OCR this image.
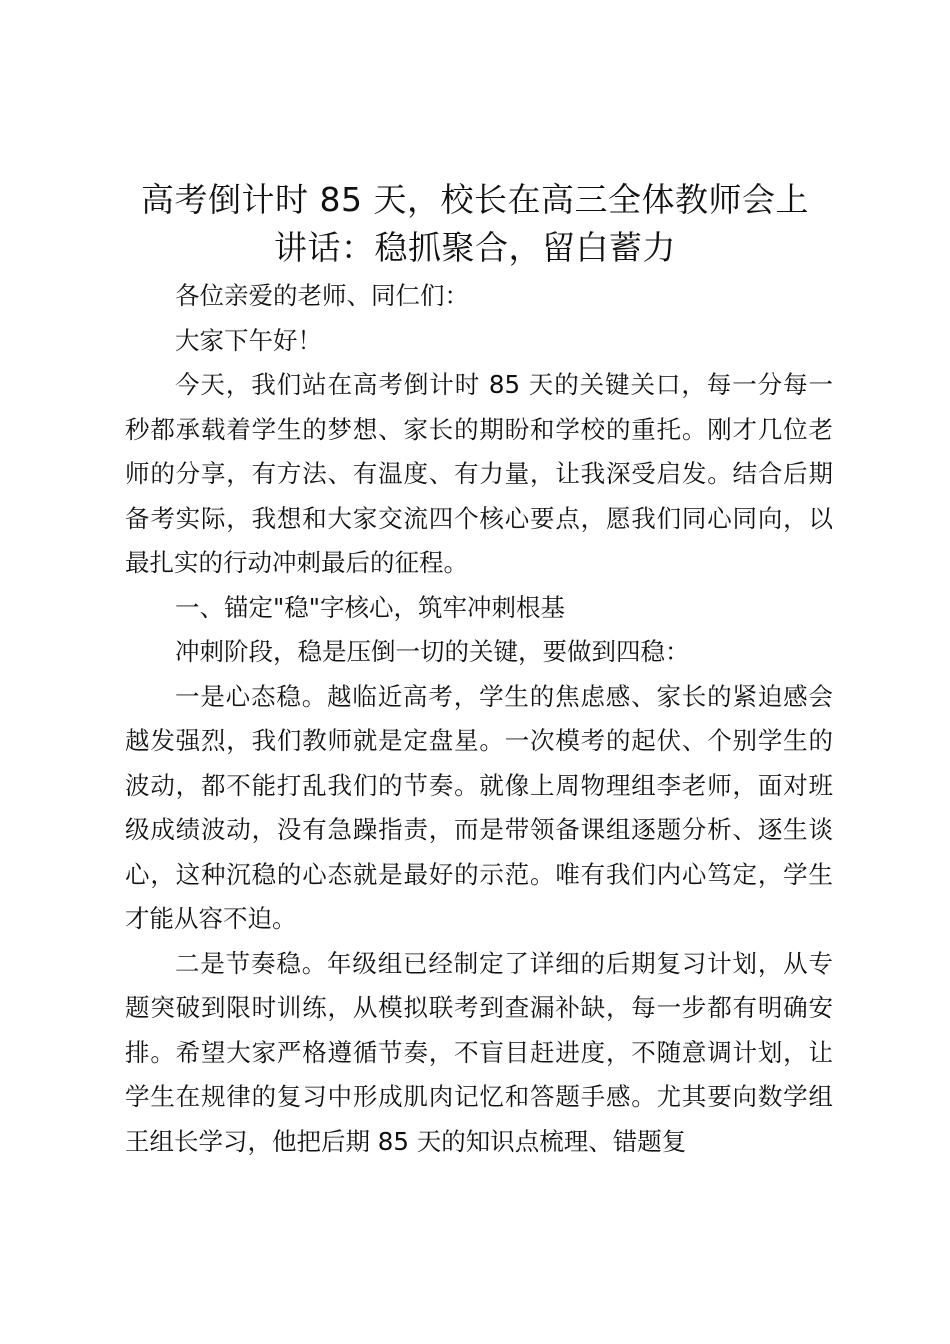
高考倒计时 85 天，校长在高三全体教师会上讲话：稳抓聚合，留白蓄力

各位亲爱的老师、同仁们：

大家下午好！

今天，我们站在高考倒计时 85 天的关键关口，每一分每一秒都承载着学生的梦想、家长的期盼和学校的重托。刚才几位老师的分享，有方法、有温度、有力量，让我深受启发。结合后期备考实际，我想和大家交流四个核心要点，愿我们同心同向，以最扎实的行动冲刺最后的征程。

一、锚定"稳"字核心，筑牢冲刺根基

冲刺阶段，稳是压倒一切的关键，要做到四稳：

一是心态稳。越临近高考，学生的焦虑感、家长的紧迫感会越发强烈，我们教师就是定盘星。一次模考的起伏、个别学生的波动，都不能打乱我们的节奏。就像上周物理组李老师，面对班级成绩波动，没有急躁指责，而是带领备课组逐题分析、逐生谈心，这种沉稳的心态就是最好的示范。唯有我们内心笃定，学生才能从容不迫。

二是节奏稳。年级组已经制定了详细的后期复习计划，从专题突破到限时训练，从模拟联考到查漏补缺，每一步都有明确安排。希望大家严格遵循节奏，不盲目赶进度，不随意调计划，让学生在规律的复习中形成肌肉记忆和答题手感。尤其要向数学组王组长学习，他把后期 85 天的知识点梳理、错题复
